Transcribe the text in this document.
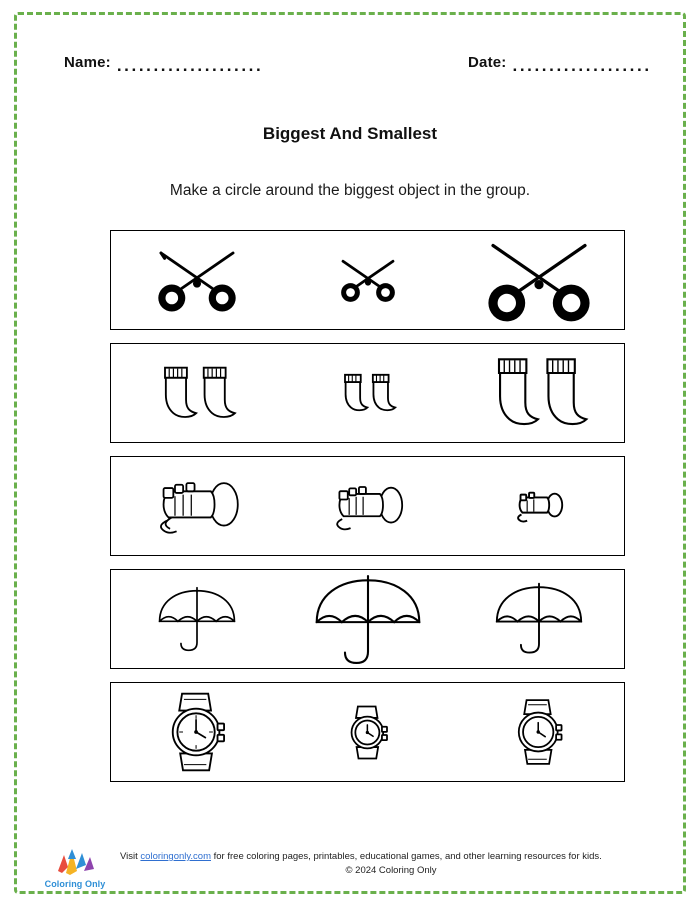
Name: ....................	Date: ...................
Biggest And Smallest
Make a circle around the biggest object in the group.
Coloring Only
Visit coloringonly.com for free coloring pages, printables, educational games, and other learning resources for kids.
© 2024 Coloring Only
